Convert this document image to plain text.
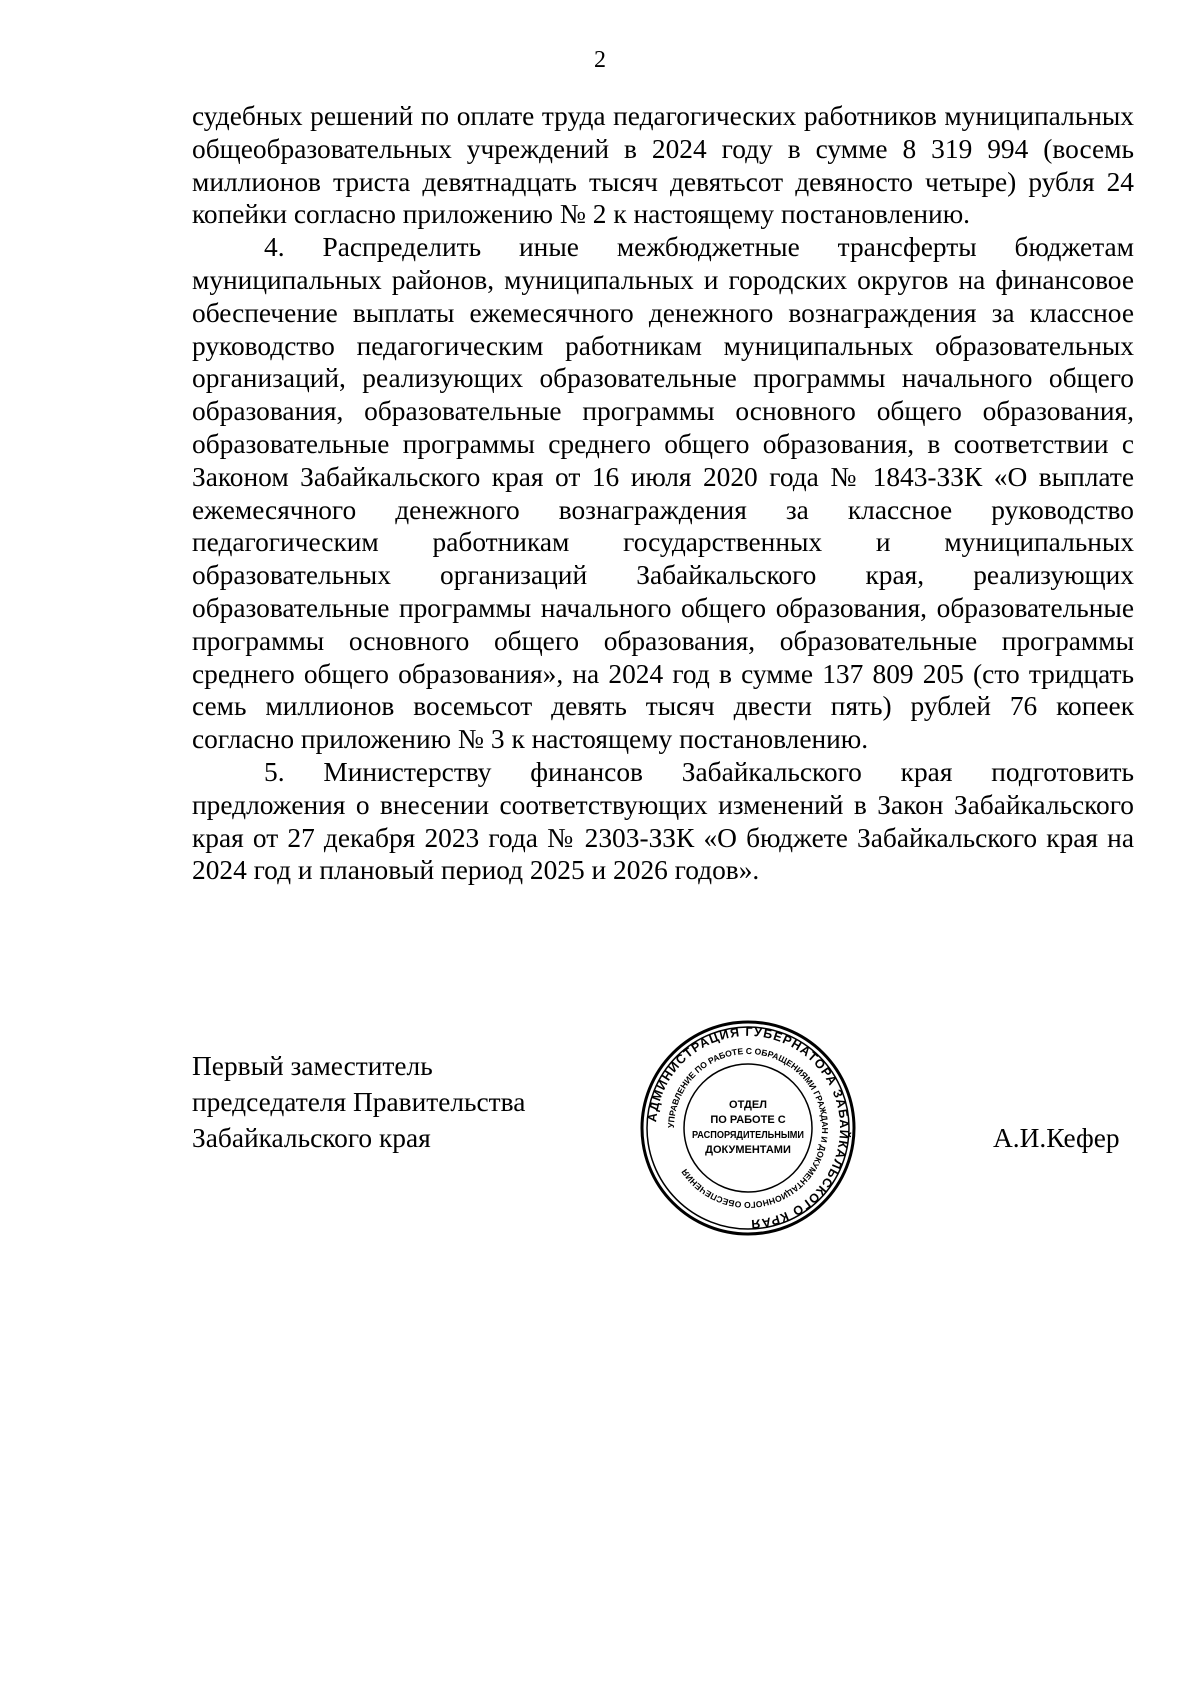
2

судебных решений по оплате труда педагогических работников муниципальных общеобразовательных учреждений в 2024 году в сумме 8 319 994 (восемь миллионов триста девятнадцать тысяч девятьсот девяносто четыре) рубля 24 копейки согласно приложению № 2 к настоящему постановлению.

4. Распределить иные межбюджетные трансферты бюджетам муниципальных районов, муниципальных и городских округов на финансовое обеспечение выплаты ежемесячного денежного вознаграждения за классное руководство педагогическим работникам муниципальных образовательных организаций, реализующих образовательные программы начального общего образования, образовательные программы основного общего образования, образовательные программы среднего общего образования, в соответствии с Законом Забайкальского края от 16 июля 2020 года № 1843-ЗЗК «О выплате ежемесячного денежного вознаграждения за классное руководство педагогическим работникам государственных и муниципальных образовательных организаций Забайкальского края, реализующих образовательные программы начального общего образования, образовательные программы основного общего образования, образовательные программы среднего общего образования», на 2024 год в сумме 137 809 205 (сто тридцать семь миллионов восемьсот девять тысяч двести пять) рублей 76 копеек согласно приложению № 3 к настоящему постановлению.

5. Министерству финансов Забайкальского края подготовить предложения о внесении соответствующих изменений в Закон Забайкальского края от 27 декабря 2023 года № 2303-ЗЗК «О бюджете Забайкальского края на 2024 год и плановый период 2025 и 2026 годов».

Первый заместитель
председателя Правительства
Забайкальского края
АДМИНИСТРАЦИЯ ГУБЕРНАТОРА ЗАБАЙКАЛЬСКОГО КРАЯ
УПРАВЛЕНИЕ ПО РАБОТЕ С ОБРАЩЕНИЯМИ ГРАЖДАН И ДОКУМЕНТАЦИОННОГО ОБЕСПЕЧЕНИЯ
ОТДЕЛ
ПО РАБОТЕ С
РАСПОРЯДИТЕЛЬНЫМИ
ДОКУМЕНТАМИ	А.И.Кефер
